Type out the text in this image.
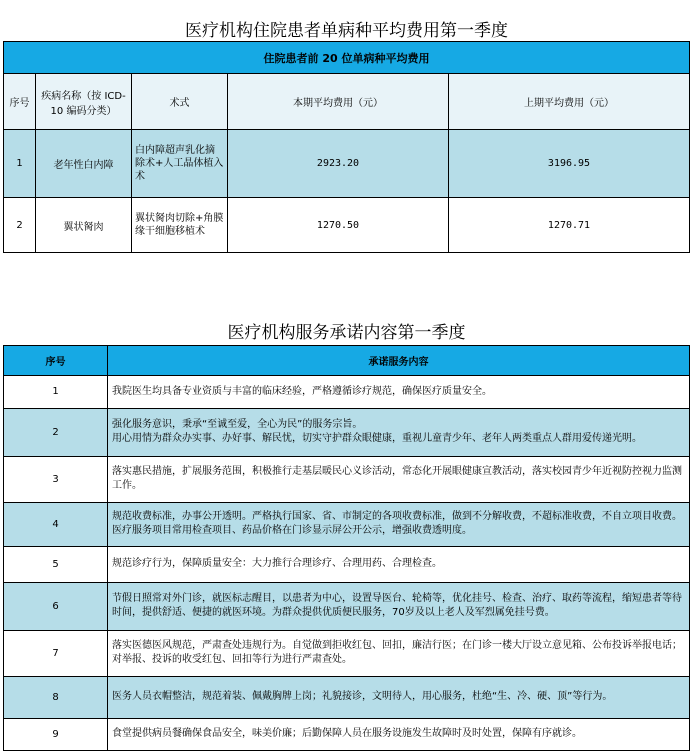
医疗机构住院患者单病种平均费用第一季度				
住院患者前 20 位单病种平均费用				
序号	疾病名称（按 ICD-10 编码分类）	术式	本期平均费用（元）	上期平均费用（元）
1	老年性白内障	白内障超声乳化摘除术+人工晶体植入术	2923.20	3196.95
2	翼状胬肉	翼状胬肉切除+角膜缘干细胞移植术	1270.50	1270.71
医疗机构服务承诺内容第一季度	
序号	承诺服务内容
1	我院医生均具备专业资质与丰富的临床经验，严格遵循诊疗规范，确保医疗质量安全。
2	强化服务意识，秉承“至诚至爱，全心为民”的服务宗旨。
用心用情为群众办实事、办好事、解民忧，切实守护群众眼健康，重视儿童青少年、老年人两类重点人群用爱传递光明。
3	落实惠民措施，扩展服务范围，积极推行走基层暖民心义诊活动，常态化开展眼健康宣教活动，落实校园青少年近视防控视力监测工作。
4	规范收费标准，办事公开透明。严格执行国家、省、市制定的各项收费标准，做到不分解收费，不超标准收费，不自立项目收费。医疗服务项目常用检查项目、药品价格在门诊显示屏公开公示，增强收费透明度。
5	规范诊疗行为，保障质量安全：大力推行合理诊疗、合理用药、合理检查。
6	节假日照常对外门诊，就医标志醒目，以患者为中心，设置导医台、轮椅等，优化挂号、检查、治疗、取药等流程，缩短患者等待时间，提供舒适、便捷的就医环境。为群众提供优质便民服务，70岁及以上老人及军烈属免挂号费。
7	落实医德医风规范，严肃查处违规行为。自觉做到拒收红包、回扣，廉洁行医；在门诊一楼大厅设立意见箱、公布投诉举报电话；对举报、投诉的收受红包、回扣等行为进行严肃查处。
8	医务人员衣帽整洁，规范着装、佩戴胸牌上岗；礼貌接诊，文明待人，用心服务，杜绝“生、冷、硬、顶”等行为。
9	食堂提供病员餐确保食品安全，味美价廉；后勤保障人员在服务设施发生故障时及时处置，保障有序就诊。
